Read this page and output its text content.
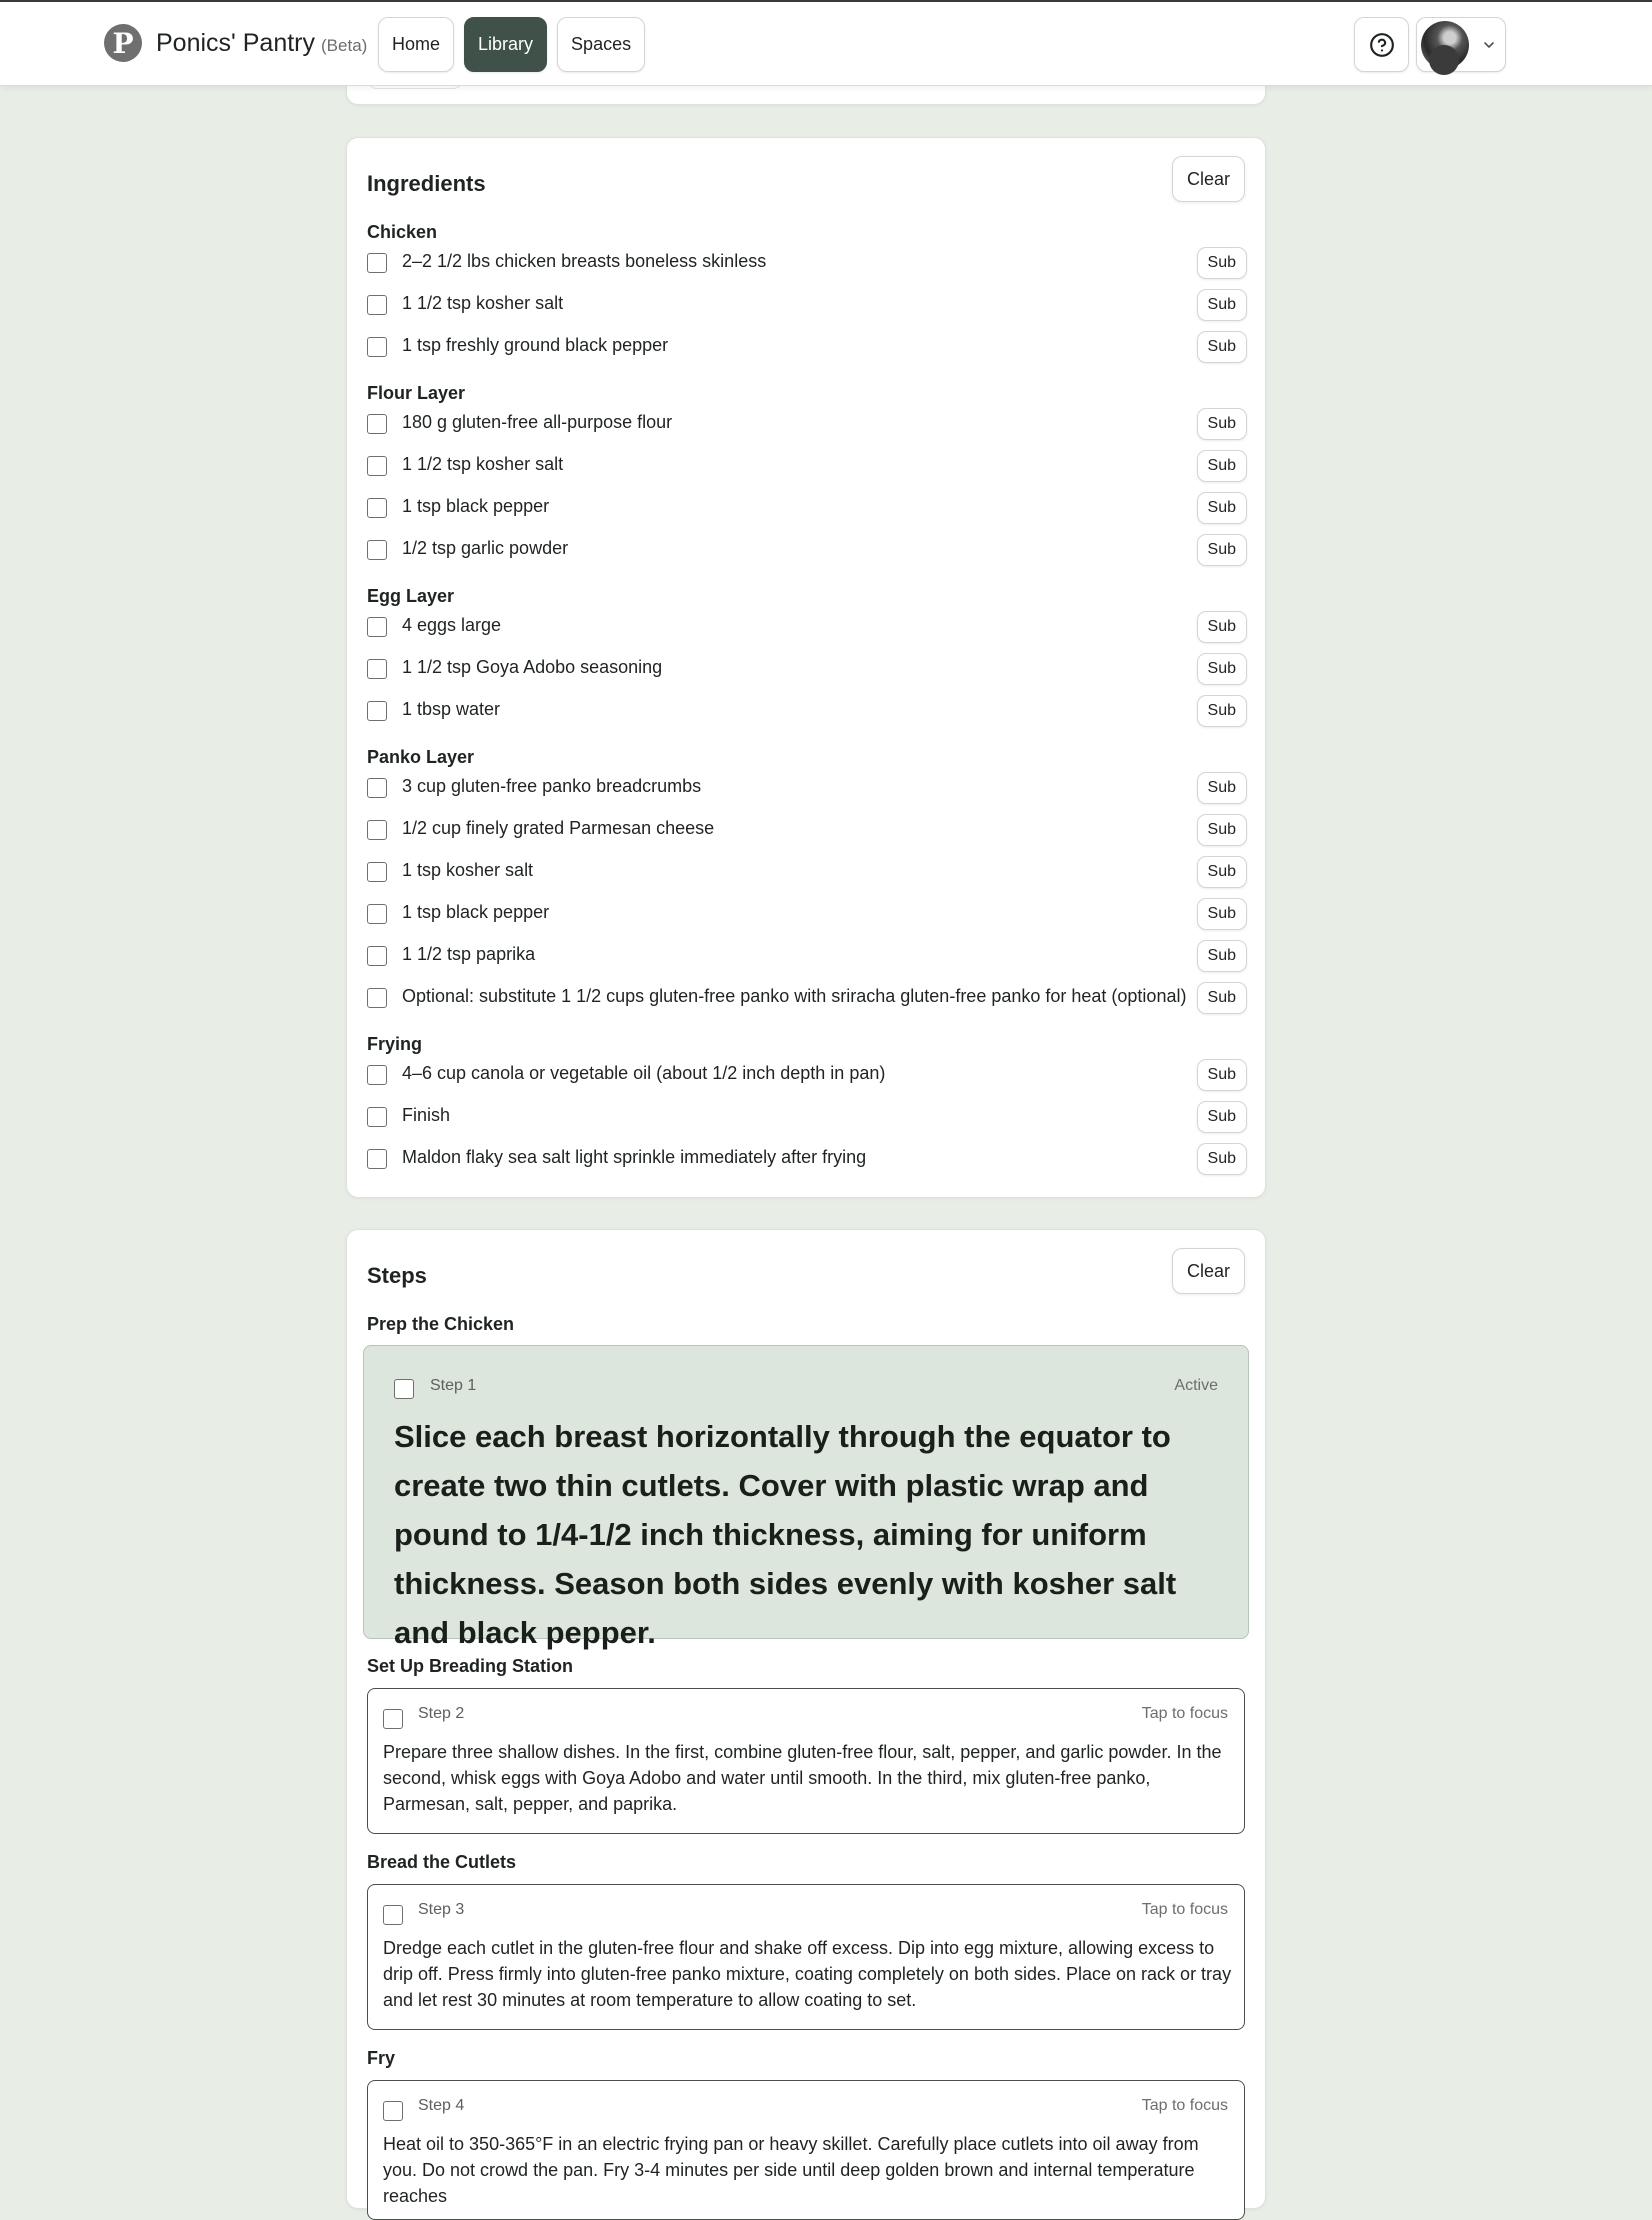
Ingredients	Clear
Chicken
2–2 1/2 lbs chicken breasts boneless skinless	Sub
1 1/2 tsp kosher salt	Sub
1 tsp freshly ground black pepper	Sub
Flour Layer
180 g gluten-free all-purpose flour	Sub
1 1/2 tsp kosher salt	Sub
1 tsp black pepper	Sub
1/2 tsp garlic powder	Sub
Egg Layer
4 eggs large	Sub
1 1/2 tsp Goya Adobo seasoning	Sub
1 tbsp water	Sub
Panko Layer
3 cup gluten-free panko breadcrumbs	Sub
1/2 cup finely grated Parmesan cheese	Sub
1 tsp kosher salt	Sub
1 tsp black pepper	Sub
1 1/2 tsp paprika	Sub
Optional: substitute 1 1/2 cups gluten-free panko with sriracha gluten-free panko for heat (optional)	Sub
Frying
4–6 cup canola or vegetable oil (about 1/2 inch depth in pan)	Sub
Finish	Sub
Maldon flaky sea salt light sprinkle immediately after frying	Sub
Steps	Clear
Prep the Chicken
Step 1	Active
Slice each breast horizontally through the equator to create two thin cutlets. Cover with plastic wrap and pound to 1/4-1/2 inch thickness, aiming for uniform thickness. Season both sides evenly with kosher salt and black pepper.
Set Up Breading Station
Step 2	Tap to focus
Prepare three shallow dishes. In the first, combine gluten-free flour, salt, pepper, and garlic powder. In the second, whisk eggs with Goya Adobo and water until smooth. In the third, mix gluten-free panko, Parmesan, salt, pepper, and paprika.
Bread the Cutlets
Step 3	Tap to focus
Dredge each cutlet in the gluten-free flour and shake off excess. Dip into egg mixture, allowing excess to drip off. Press firmly into gluten-free panko mixture, coating completely on both sides. Place on rack or tray and let rest 30 minutes at room temperature to allow coating to set.
Fry
Step 4	Tap to focus
Heat oil to 350-365°F in an electric frying pan or heavy skillet. Carefully place cutlets into oil away from you. Do not crowd the pan. Fry 3-4 minutes per side until deep golden brown and internal temperature reaches
P Ponics' Pantry (Beta)	Home	Library	Spaces
